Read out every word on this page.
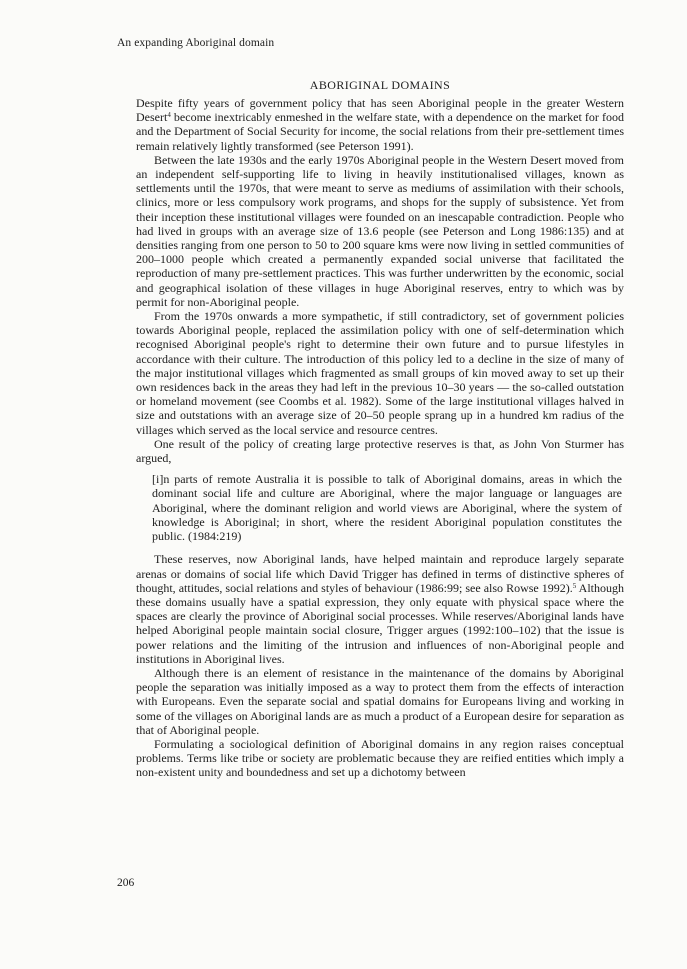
An expanding Aboriginal domain
ABORIGINAL DOMAINS

Despite fifty years of government policy that has seen Aboriginal people in the greater Western Desert$^4$ become inextricably enmeshed in the welfare state, with a dependence on the market for food and the Department of Social Security for income, the social relations from their pre-settlement times remain relatively lightly transformed (see Peterson 1991).

Between the late 1930s and the early 1970s Aboriginal people in the Western Desert moved from an independent self-supporting life to living in heavily institutionalised villages, known as settlements until the 1970s, that were meant to serve as mediums of assimilation with their schools, clinics, more or less compulsory work programs, and shops for the supply of subsistence. Yet from their inception these institutional villages were founded on an inescapable contradiction. People who had lived in groups with an average size of 13.6 people (see Peterson and Long 1986:135) and at densities ranging from one person to 50 to 200 square kms were now living in settled communities of 200–1000 people which created a permanently expanded social universe that facilitated the reproduction of many pre-settlement practices. This was further underwritten by the economic, social and geographical isolation of these villages in huge Aboriginal reserves, entry to which was by permit for non-Aboriginal people.

From the 1970s onwards a more sympathetic, if still contradictory, set of government policies towards Aboriginal people, replaced the assimilation policy with one of self-determination which recognised Aboriginal people's right to determine their own future and to pursue lifestyles in accordance with their culture. The introduction of this policy led to a decline in the size of many of the major institutional villages which fragmented as small groups of kin moved away to set up their own residences back in the areas they had left in the previous 10–30 years — the so-called outstation or homeland movement (see Coombs et al. 1982). Some of the large institutional villages halved in size and outstations with an average size of 20–50 people sprang up in a hundred km radius of the villages which served as the local service and resource centres.

One result of the policy of creating large protective reserves is that, as John Von Sturmer has argued,

[i]n parts of remote Australia it is possible to talk of Aboriginal domains, areas in which the dominant social life and culture are Aboriginal, where the major language or languages are Aboriginal, where the dominant religion and world views are Aboriginal, where the system of knowledge is Aboriginal; in short, where the resident Aboriginal population constitutes the public. (1984:219)

These reserves, now Aboriginal lands, have helped maintain and reproduce largely separate arenas or domains of social life which David Trigger has defined in terms of distinctive spheres of thought, attitudes, social relations and styles of behaviour (1986:99; see also Rowse 1992).$^5$ Although these domains usually have a spatial expression, they only equate with physical space where the spaces are clearly the province of Aboriginal social processes. While reserves/Aboriginal lands have helped Aboriginal people maintain social closure, Trigger argues (1992:100–102) that the issue is power relations and the limiting of the intrusion and influences of non-Aboriginal people and institutions in Aboriginal lives.

Although there is an element of resistance in the maintenance of the domains by Aboriginal people the separation was initially imposed as a way to protect them from the effects of interaction with Europeans. Even the separate social and spatial domains for Europeans living and working in some of the villages on Aboriginal lands are as much a product of a European desire for separation as that of Aboriginal people.

Formulating a sociological definition of Aboriginal domains in any region raises conceptual problems. Terms like tribe or society are problematic because they are reified entities which imply a non-existent unity and boundedness and set up a dichotomy between

206
